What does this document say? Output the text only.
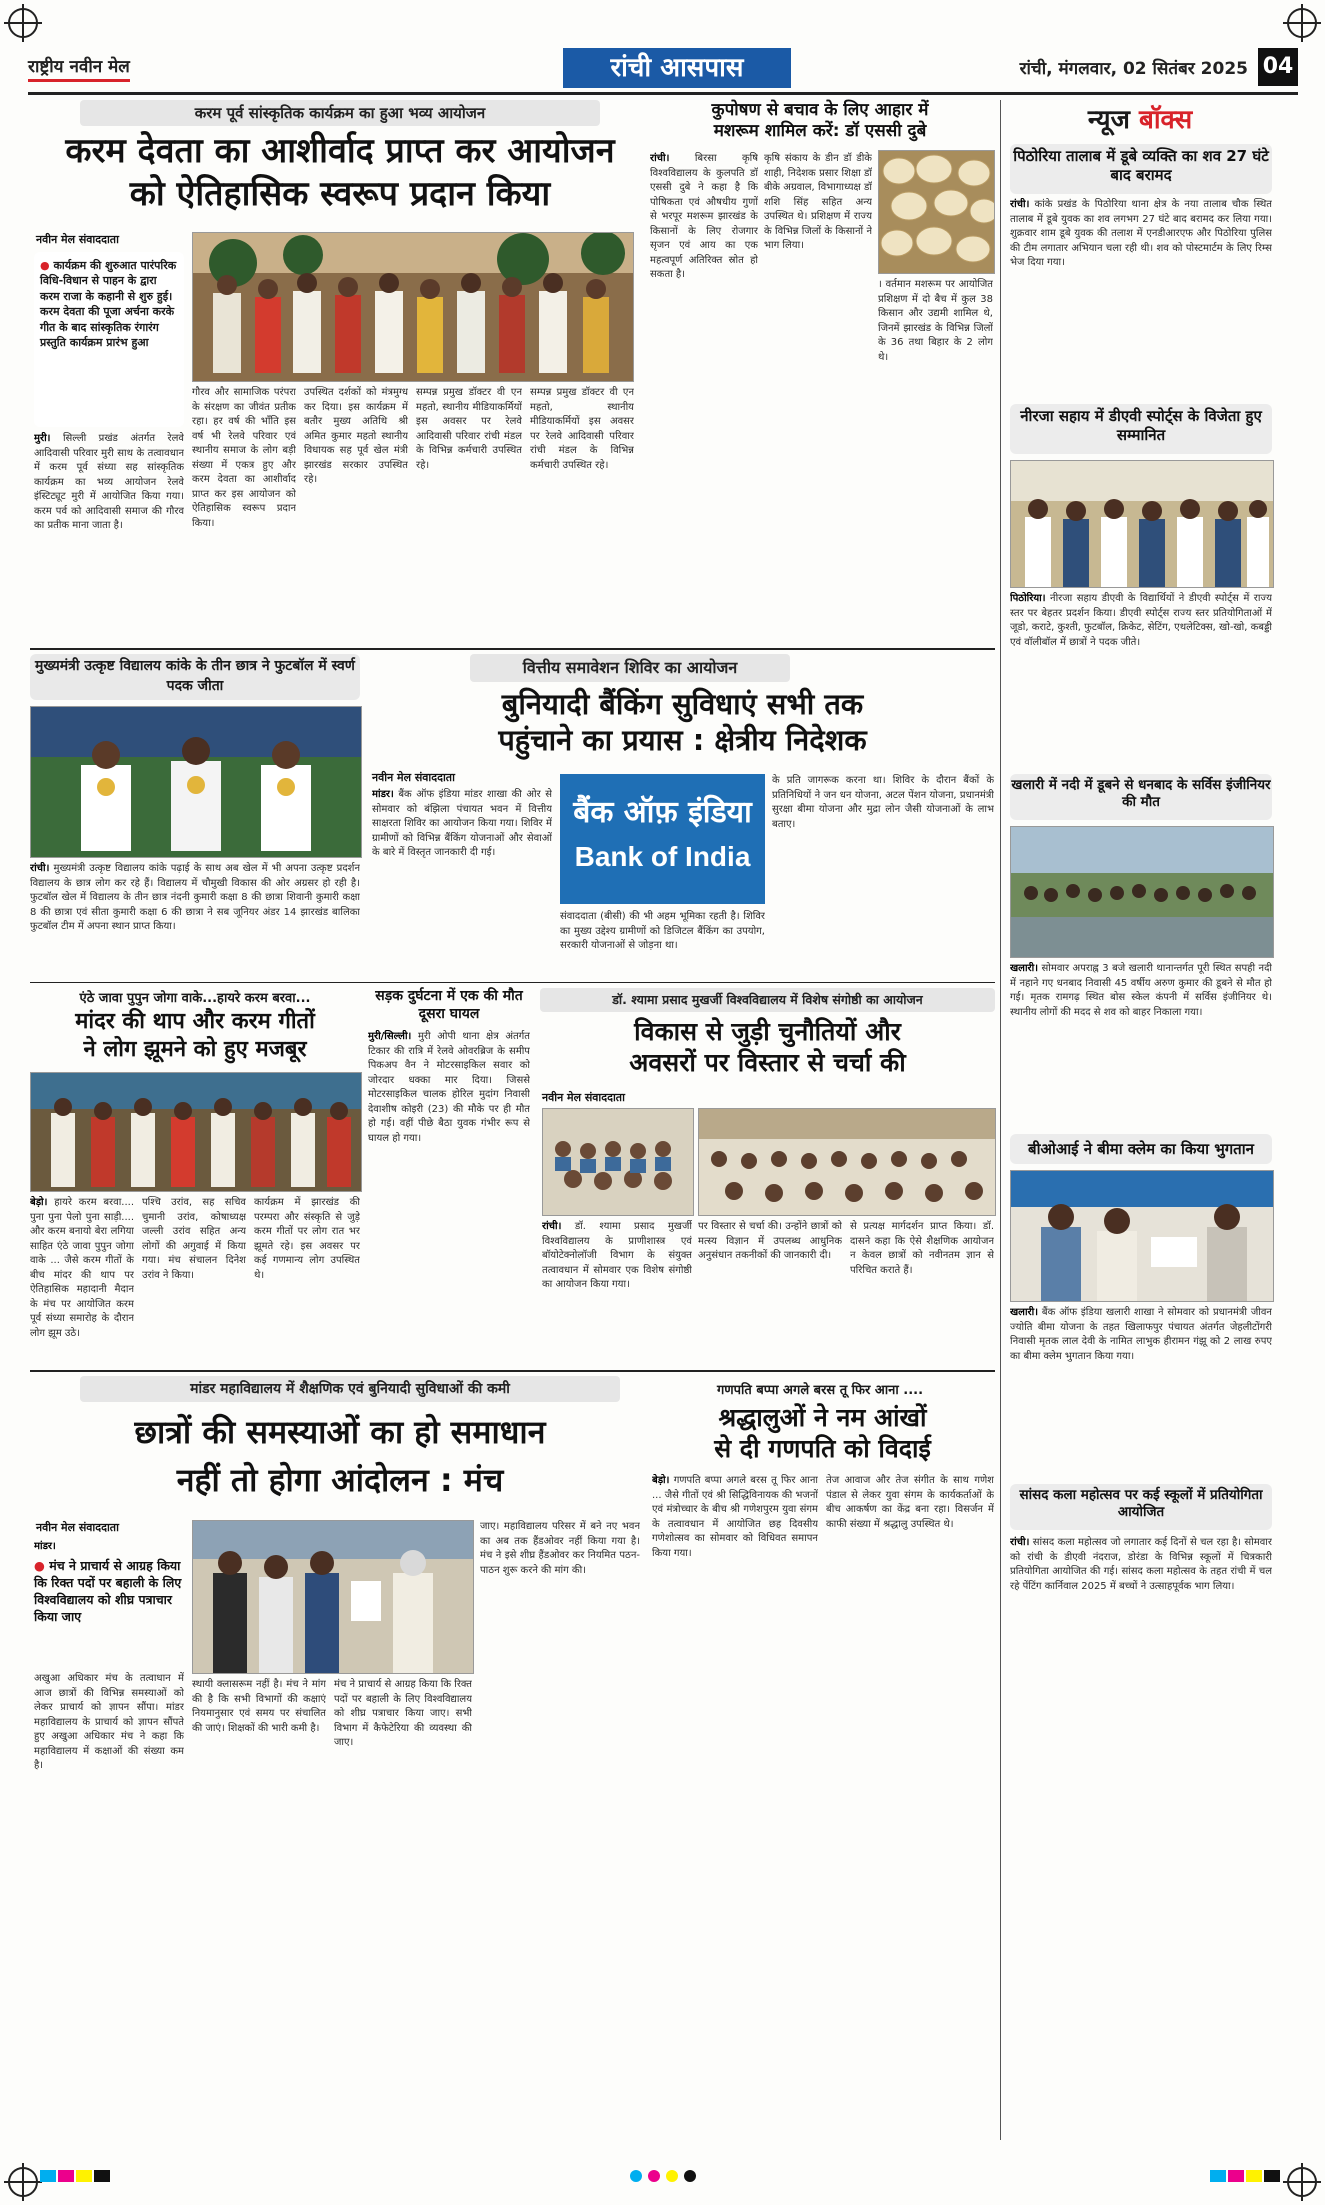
राष्ट्रीय नवीन मेल	रांची आसपास	रांची, मंगलवार, 02 सितंबर 2025 04
करम पूर्व सांस्कृतिक कार्यक्रम का हुआ भव्य आयोजन
करम देवता का आशीर्वाद प्राप्त कर आयोजन
को ऐतिहासिक स्वरूप प्रदान किया
नवीन मेल संवाददाता
● कार्यक्रम की शुरुआत पारंपरिक विधि-विधान से पाहन के द्वारा करम राजा के कहानी से शुरु हुई। करम देवता की पूजा अर्चना करके गीत के बाद सांस्कृतिक रंगारंग प्रस्तुति कार्यक्रम प्रारंभ हुआ
मुरी। सिल्ली प्रखंड अंतर्गत रेलवे आदिवासी परिवार मुरी साथ के तत्वावधान में करम पूर्व संध्या सह सांस्कृतिक कार्यक्रम का भव्य आयोजन रेलवे इंस्टिट्यूट मुरी में आयोजित किया गया। करम पर्व को आदिवासी समाज की गौरव का प्रतीक माना जाता है।
गौरव और सामाजिक परंपरा के संरक्षण का जीवंत प्रतीक रहा। हर वर्ष की भाँति इस वर्ष भी रेलवे परिवार एवं स्थानीय समाज के लोग बड़ी संख्या में एकत्र हुए और करम देवता का आशीर्वाद प्राप्त कर इस आयोजन को ऐतिहासिक स्वरूप प्रदान किया।
उपस्थित दर्शकों को मंत्रमुग्ध कर दिया। इस कार्यक्रम में बतौर मुख्य अतिथि श्री अमित कुमार महतो स्थानीय विधायक सह पूर्व खेल मंत्री झारखंड सरकार उपस्थित रहे।
सम्पन्न प्रमुख डॉक्टर वी एन महतो, स्थानीय मीडियाकर्मियों इस अवसर पर रेलवे आदिवासी परिवार रांची मंडल के विभिन्न कर्मचारी उपस्थित रहे।
सम्पन्न प्रमुख डॉक्टर वी एन महतो, स्थानीय मीडियाकर्मियों इस अवसर पर रेलवे आदिवासी परिवार रांची मंडल के विभिन्न कर्मचारी उपस्थित रहे।
कुपोषण से बचाव के लिए आहार में
मशरूम शामिल करें: डॉ एससी दुबे
रांची।	बिरसा कृषि विश्वविद्यालय के कुलपति डॉ एससी दुबे ने कहा है कि पोषिकता एवं औषधीय गुणों से भरपूर मशरूम झारखंड के किसानों के लिए रोजगार सृजन एवं आय का एक महत्वपूर्ण अतिरिक्त स्रोत हो सकता है।
कृषि संकाय के डीन डॉ डीके शाही, निदेशक प्रसार शिक्षा डॉ बीके अग्रवाल, विभागाध्यक्ष डॉ शशि सिंह सहित अन्य उपस्थित थे। प्रशिक्षण में राज्य के विभिन्न जिलों के किसानों ने भाग लिया।
। वर्तमान मशरूम पर आयोजित प्रशिक्षण में दो बैच में कुल 38 किसान और उद्यमी शामिल थे, जिनमें झारखंड के विभिन्न जिलों के 36 तथा बिहार के 2 लोग थे।
मुख्यमंत्री उत्कृष्ट विद्यालय कांके के तीन छात्र ने फुटबॉल में स्वर्ण पदक जीता
रांची। मुख्यमंत्री उत्कृष्ट विद्यालय कांके पढ़ाई के साथ अब खेल में भी अपना उत्कृष्ट प्रदर्शन विद्यालय के छात्र लोग कर रहे हैं। विद्यालय में चौमुखी विकास की ओर अग्रसर हो रही है। फुटबॉल खेल में विद्यालय के तीन छात्र नंदनी कुमारी कक्षा 8 की छात्रा शिवानी कुमारी कक्षा 8 की छात्रा एवं सीता कुमारी कक्षा 6 की छात्रा ने सब जूनियर अंडर 14 झारखंड बालिका फुटबॉल टीम में अपना स्थान प्राप्त किया।
वित्तीय समावेशन शिविर का आयोजन
बुनियादी बैंकिंग सुविधाएं सभी तक
पहुंचाने का प्रयास : क्षेत्रीय निदेशक
नवीन मेल संवाददाता
मांडर। बैंक ऑफ इंडिया मांडर शाखा की ओर से सोमवार को बंझिला पंचायत भवन में वित्तीय साक्षरता शिविर का आयोजन किया गया। शिविर में ग्रामीणों को विभिन्न बैंकिंग योजनाओं और सेवाओं के बारे में विस्तृत जानकारी दी गई।
बैंक ऑफ़ इंडिया
Bank of India
संवाददाता (बीसी) की भी अहम भूमिका रहती है। शिविर का मुख्य उद्देश्य ग्रामीणों को डिजिटल बैंकिंग का उपयोग, सरकारी योजनाओं से जोड़ना था।
के प्रति जागरूक करना था। शिविर के दौरान बैंकों के प्रतिनिधियों ने जन धन योजना, अटल पेंशन योजना, प्रधानमंत्री सुरक्षा बीमा योजना और मुद्रा लोन जैसी योजनाओं के लाभ बताए।
एंठे जावा पुपुन जोगा वाके...हायरे करम बरवा...
मांदर की थाप और करम गीतों
ने लोग झूमने को हुए मजबूर
बेड़ो। हायरे करम बरवा.... पुना पुना पेलो पुना साड़ी.... और करम बनायो बेरा लगिया साहित एंठे जावा पुपुन जोगा वाके ... जैसे करम गीतों के बीच मांदर की थाप पर ऐतिहासिक महादानी मैदान के मंच पर आयोजित करम पूर्व संध्या समारोह के दौरान लोग झूम उठे।
पश्चि उरांव, सह सचिव चुमानी उरांव, कोषाध्यक्ष जल्ली उरांव सहित अन्य लोगों की अगुवाई में किया गया। मंच संचालन दिनेश उरांव ने किया।
कार्यक्रम में झारखंड की परम्परा और संस्कृति से जुड़े करम गीतों पर लोग रात भर झूमते रहे। इस अवसर पर कई गणमान्य लोग उपस्थित थे।
सड़क दुर्घटना में एक की मौत दूसरा घायल
मुरी/सिल्ली। मुरी ओपी थाना क्षेत्र अंतर्गत टिकार की रात्रि में रेलवे ओवरब्रिज के समीप पिकअप वैन ने मोटरसाइकिल सवार को जोरदार धक्का मार दिया। जिससे मोटरसाइकिल चालक होरिल मुदांग निवासी देवाशीष कोइरी (23) की मौके पर ही मौत हो गई। वहीं पीछे बैठा युवक गंभीर रूप से घायल हो गया।
डॉ. श्यामा प्रसाद मुखर्जी विश्वविद्यालय में विशेष संगोष्ठी का आयोजन
विकास से जुड़ी चुनौतियों और
अवसरों पर विस्तार से चर्चा की
नवीन मेल संवाददाता
रांची। डॉ. श्यामा प्रसाद मुखर्जी विश्वविद्यालय के प्राणीशास्त्र एवं बॉयोटेक्नोलॉजी विभाग के संयुक्त तत्वावधान में सोमवार एक विशेष संगोष्ठी का आयोजन किया गया।
पर विस्तार से चर्चा की। उन्होंने छात्रों को मत्स्य विज्ञान में उपलब्ध आधुनिक अनुसंधान तकनीकों की जानकारी दी।
से प्रत्यक्ष मार्गदर्शन प्राप्त किया। डॉ. दासने कहा कि ऐसे शैक्षणिक आयोजन न केवल छात्रों को नवीनतम ज्ञान से परिचित कराते हैं।
मांडर महाविद्यालय में शैक्षणिक एवं बुनियादी सुविधाओं की कमी
छात्रों की समस्याओं का हो समाधान
नहीं तो होगा आंदोलन : मंच
नवीन मेल संवाददाता
मांडर।
● मंच ने प्राचार्य से आग्रह किया कि रिक्त पदों पर बहाली के लिए विश्वविद्यालय को शीघ्र पत्राचार किया जाए
अखुआ अधिकार मंच के तत्वाधान में आज छात्रों की विभिन्न समस्याओं को लेकर प्राचार्य को ज्ञापन सौंपा। मांडर महाविद्यालय के प्राचार्य को ज्ञापन सौंपते हुए अखुआ अधिकार मंच ने कहा कि महाविद्यालय में कक्षाओं की संख्या कम है।
स्थायी क्लासरूम नहीं है। मंच ने मांग की है कि सभी विभागों की कक्षाएं नियमानुसार एवं समय पर संचालित की जाएं। शिक्षकों की भारी कमी है।
मंच ने प्राचार्य से आग्रह किया कि रिक्त पदों पर बहाली के लिए विश्वविद्यालय को शीघ्र पत्राचार किया जाए। सभी विभाग में कैफेटेरिया की व्यवस्था की जाए।
जाए। महाविद्यालय परिसर में बने नए भवन का अब तक हैंडओवर नहीं किया गया है। मंच ने इसे शीघ्र हैंडओवर कर नियमित पठन-पाठन शुरू करने की मांग की।
गणपति बप्पा अगले बरस तू फिर आना ....
श्रद्धालुओं ने नम आंखों
से दी गणपति को विदाई
बेड़ो। गणपति बप्पा अगले बरस तू फिर आना ... जैसे गीतों एवं श्री सिद्धिविनायक की भजनों एवं मंत्रोच्चार के बीच श्री गणेशपुरम युवा संगम के तत्वावधान में आयोजित छह दिवसीय गणेशोत्सव का सोमवार को विधिवत समापन किया गया।
तेज आवाज और तेज संगीत के साथ गणेश पंडाल से लेकर युवा संगम के कार्यकर्ताओं के बीच आकर्षण का केंद्र बना रहा। विसर्जन में काफी संख्या में श्रद्धालु उपस्थित थे।
न्यूज बॉक्स
पिठोरिया तालाब में डूबे व्यक्ति का शव 27 घंटे बाद बरामद
रांची। कांके प्रखंड के पिठोरिया थाना क्षेत्र के नया तालाब चौक स्थित तालाब में डूबे युवक का शव लगभग 27 घंटे बाद बरामद कर लिया गया। शुक्रवार शाम डूबे युवक की तलाश में एनडीआरएफ और पिठोरिया पुलिस की टीम लगातार अभियान चला रही थी। शव को पोस्टमार्टम के लिए रिम्स भेज दिया गया।
नीरजा सहाय में डीएवी स्पोर्ट्स के विजेता हुए सम्मानित
पिठोरिया। नीरजा सहाय डीएवी के विद्यार्थियों ने डीएवी स्पोर्ट्स में राज्य स्तर पर बेहतर प्रदर्शन किया। डीएवी स्पोर्ट्स राज्य स्तर प्रतियोगिताओं में जूडो, कराटे, कुश्ती, फुटबॉल, क्रिकेट, सेटिंग, एथलेटिक्स, खो-खो, कबड्डी एवं वॉलीबॉल में छात्रों ने पदक जीते।
खलारी में नदी में डूबने से धनबाद के सर्विस इंजीनियर की मौत
खलारी। सोमवार अपराह्न 3 बजे खलारी थानान्तर्गत पूरी स्थित सपही नदी में नहाने गए धनबाद निवासी 45 वर्षीय अरुण कुमार की डूबने से मौत हो गई। मृतक रामगढ़ स्थित बोस स्केल कंपनी में सर्विस इंजीनियर थे। स्थानीय लोगों की मदद से शव को बाहर निकाला गया।
बीओआई ने बीमा क्लेम का किया भुगतान
खलारी। बैंक ऑफ इंडिया खलारी शाखा ने सोमवार को प्रधानमंत्री जीवन ज्योति बीमा योजना के तहत खिलाफपुर पंचायत अंतर्गत जेहलीटोंगरी निवासी मृतक लाल देवी के नामित लाभुक हीरामन गंझू को 2 लाख रुपए का बीमा क्लेम भुगतान किया गया।
सांसद कला महोत्सव पर कई स्कूलों में प्रतियोगिता आयोजित
रांची। सांसद कला महोत्सव जो लगातार कई दिनों से चल रहा है। सोमवार को रांची के डीएवी नंदराज, डोरंडा के विभिन्न स्कूलों में चित्रकारी प्रतियोगिता आयोजित की गई। सांसद कला महोत्सव के तहत रांची में चल रहे पेंटिंग कार्निवाल 2025 में बच्चों ने उत्साहपूर्वक भाग लिया।
